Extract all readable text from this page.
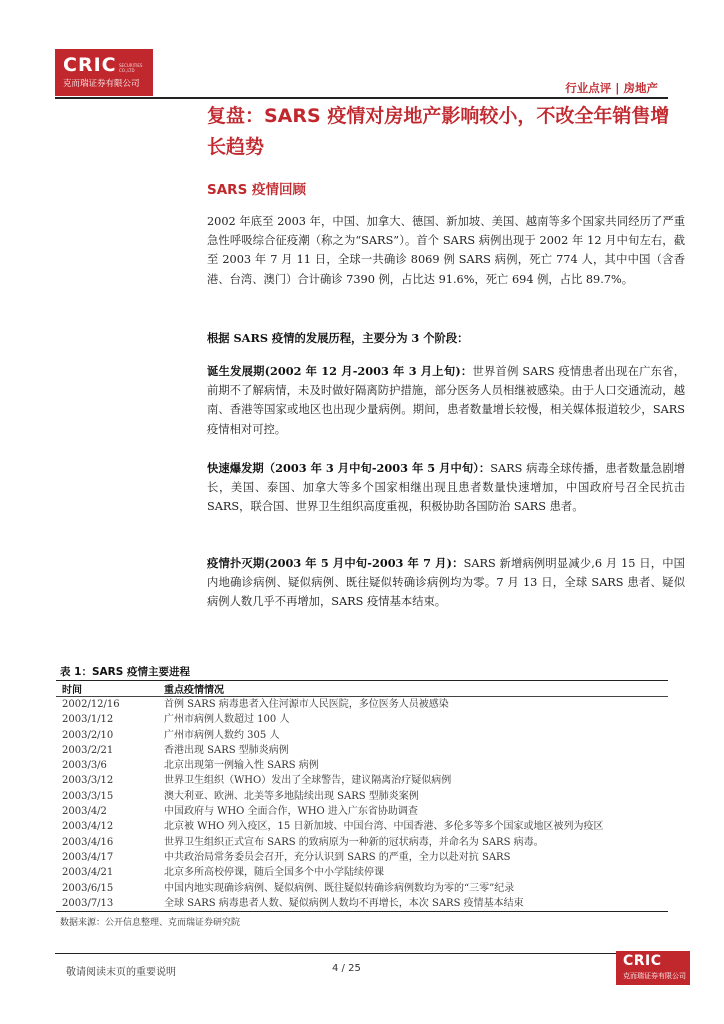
CRIC SECURITIES CO.,LTD
克而瑞证券有限公司	行业点评 | 房地产
复盘：SARS 疫情对房地产影响较小，不改全年销售增长趋势
SARS 疫情回顾

2002 年底至 2003 年，中国、加拿大、德国、新加坡、美国、越南等多个国家共同经历了严重急性呼吸综合征疫潮（称之为“SARS”）。首个 SARS 病例出现于 2002 年 12 月中旬左右，截至 2003 年 7 月 11 日，全球一共确诊 8069 例 SARS 病例，死亡 774 人，其中中国（含香港、台湾、澳门）合计确诊 7390 例，占比达 91.6%，死亡 694 例，占比 89.7%。

根据 SARS 疫情的发展历程，主要分为 3 个阶段：

诞生发展期(2002 年 12 月-2003 年 3 月上旬)：世界首例 SARS 疫情患者出现在广东省，前期不了解病情，未及时做好隔离防护措施，部分医务人员相继被感染。由于人口交通流动，越南、香港等国家或地区也出现少量病例。期间，患者数量增长较慢，相关媒体报道较少，SARS 疫情相对可控。

快速爆发期（2003 年 3 月中旬-2003 年 5 月中旬）：SARS 病毒全球传播，患者数量急剧增长，美国、泰国、加拿大等多个国家相继出现且患者数量快速增加，中国政府号召全民抗击 SARS，联合国、世界卫生组织高度重视，积极协助各国防治 SARS 患者。

疫情扑灭期(2003 年 5 月中旬-2003 年 7 月)：SARS 新增病例明显减少,6 月 15 日，中国内地确诊病例、疑似病例、既往疑似转确诊病例均为零。7 月 13 日，全球 SARS 患者、疑似病例人数几乎不再增加，SARS 疫情基本结束。

表 1：SARS 疫情主要进程
时间	重点疫情情况
2002/12/16	首例 SARS 病毒患者入住河源市人民医院，多位医务人员被感染
2003/1/12	广州市病例人数超过 100 人
2003/2/10	广州市病例人数约 305 人
2003/2/21	香港出现 SARS 型肺炎病例
2003/3/6	北京出现第一例输入性 SARS 病例
2003/3/12	世界卫生组织（WHO）发出了全球警告，建议隔离治疗疑似病例
2003/3/15	澳大利亚、欧洲、北美等多地陆续出现 SARS 型肺炎案例
2003/4/2	中国政府与 WHO 全面合作，WHO 进入广东省协助调查
2003/4/12	北京被 WHO 列入疫区，15 日新加坡、中国台湾、中国香港、多伦多等多个国家或地区被列为疫区
2003/4/16	世界卫生组织正式宣布 SARS 的致病原为一种新的冠状病毒，并命名为 SARS 病毒。
2003/4/17	中共政治局常务委员会召开，充分认识到 SARS 的严重，全力以赴对抗 SARS
2003/4/21	北京多所高校停课，随后全国多个中小学陆续停课
2003/6/15	中国内地实现确诊病例、疑似病例、既往疑似转确诊病例数均为零的“三零”纪录
2003/7/13	全球 SARS 病毒患者人数、疑似病例人数均不再增长，本次 SARS 疫情基本结束
数据来源：公开信息整理、克而瑞证券研究院
敬请阅读末页的重要说明	4 / 25	CRIC
克而瑞证券有限公司
